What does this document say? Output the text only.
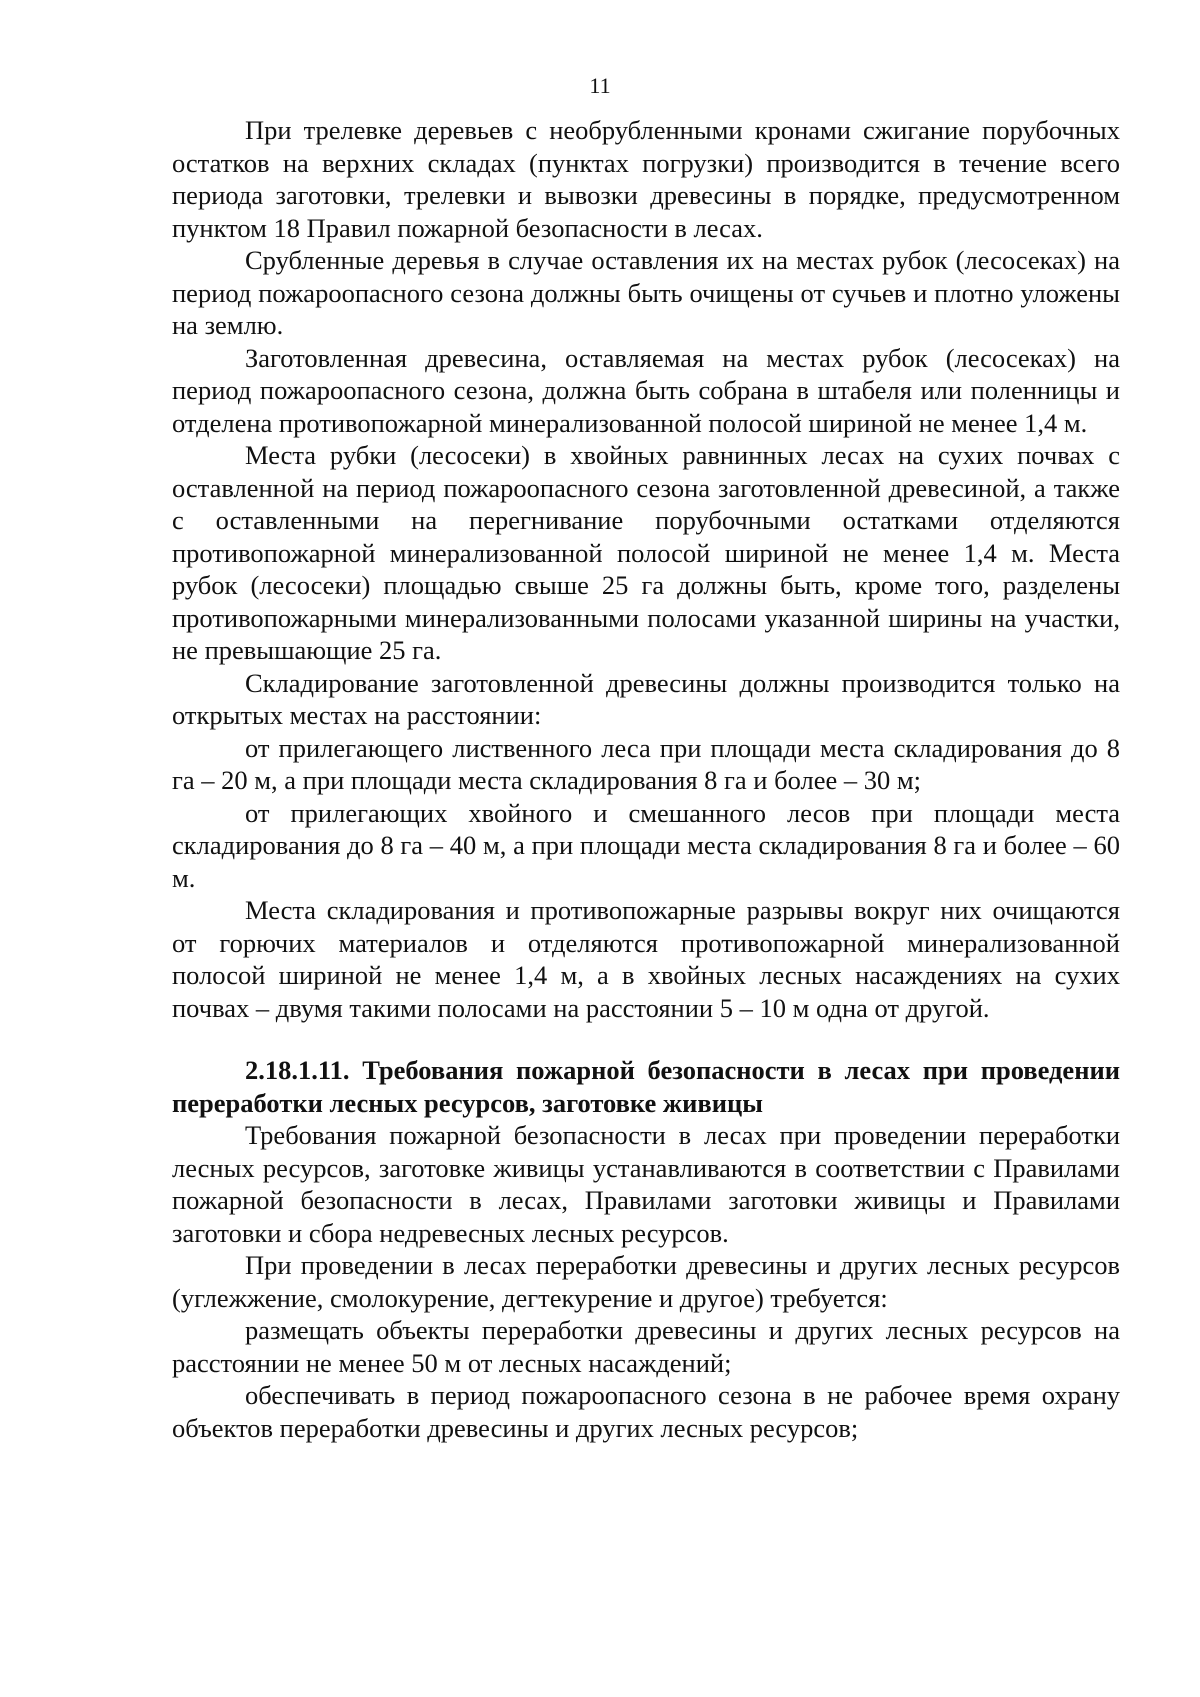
11

При трелевке деревьев с необрубленными кронами сжигание порубочных остатков на верхних складах (пунктах погрузки) производится в течение всего периода заготовки, трелевки и вывозки древесины в порядке, предусмотренном пунктом 18 Правил пожарной безопасности в лесах.

Срубленные деревья в случае оставления их на местах рубок (лесосеках) на период пожароопасного сезона должны быть очищены от сучьев и плотно уложены на землю.

Заготовленная древесина, оставляемая на местах рубок (лесосеках) на период пожароопасного сезона, должна быть собрана в штабеля или поленницы и отделена противопожарной минерализованной полосой шириной не менее 1,4 м.

Места рубки (лесосеки) в хвойных равнинных лесах на сухих почвах с оставленной на период пожароопасного сезона заготовленной древесиной, а также с оставленными на перегнивание порубочными остатками отделяются противопожарной минерализованной полосой шириной не менее 1,4 м. Места рубок (лесосеки) площадью свыше 25 га должны быть, кроме того, разделены противопожарными минерализованными полосами указанной ширины на участки, не превышающие 25 га.

Складирование заготовленной древесины должны производится только на открытых местах на расстоянии:

от прилегающего лиственного леса при площади места складирования до 8 га – 20 м, а при площади места складирования 8 га и более – 30 м;

от прилегающих хвойного и смешанного лесов при площади места складирования до 8 га – 40 м, а при площади места складирования 8 га и более – 60 м.

Места складирования и противопожарные разрывы вокруг них очищаются от горючих материалов и отделяются противопожарной минерализованной полосой шириной не менее 1,4 м, а в хвойных лесных насаждениях на сухих почвах – двумя такими полосами на расстоянии 5 – 10 м одна от другой.

2.18.1.11. Требования пожарной безопасности в лесах при проведении переработки лесных ресурсов, заготовке живицы

Требования пожарной безопасности в лесах при проведении переработки лесных ресурсов, заготовке живицы устанавливаются в соответствии с Правилами пожарной безопасности в лесах, Правилами заготовки живицы и Правилами заготовки и сбора недревесных лесных ресурсов.

При проведении в лесах переработки древесины и других лесных ресурсов (углежжение, смолокурение, дегтекурение и другое) требуется:

размещать объекты переработки древесины и других лесных ресурсов на расстоянии не менее 50 м от лесных насаждений;

обеспечивать в период пожароопасного сезона в не рабочее время охрану объектов переработки древесины и других лесных ресурсов;
